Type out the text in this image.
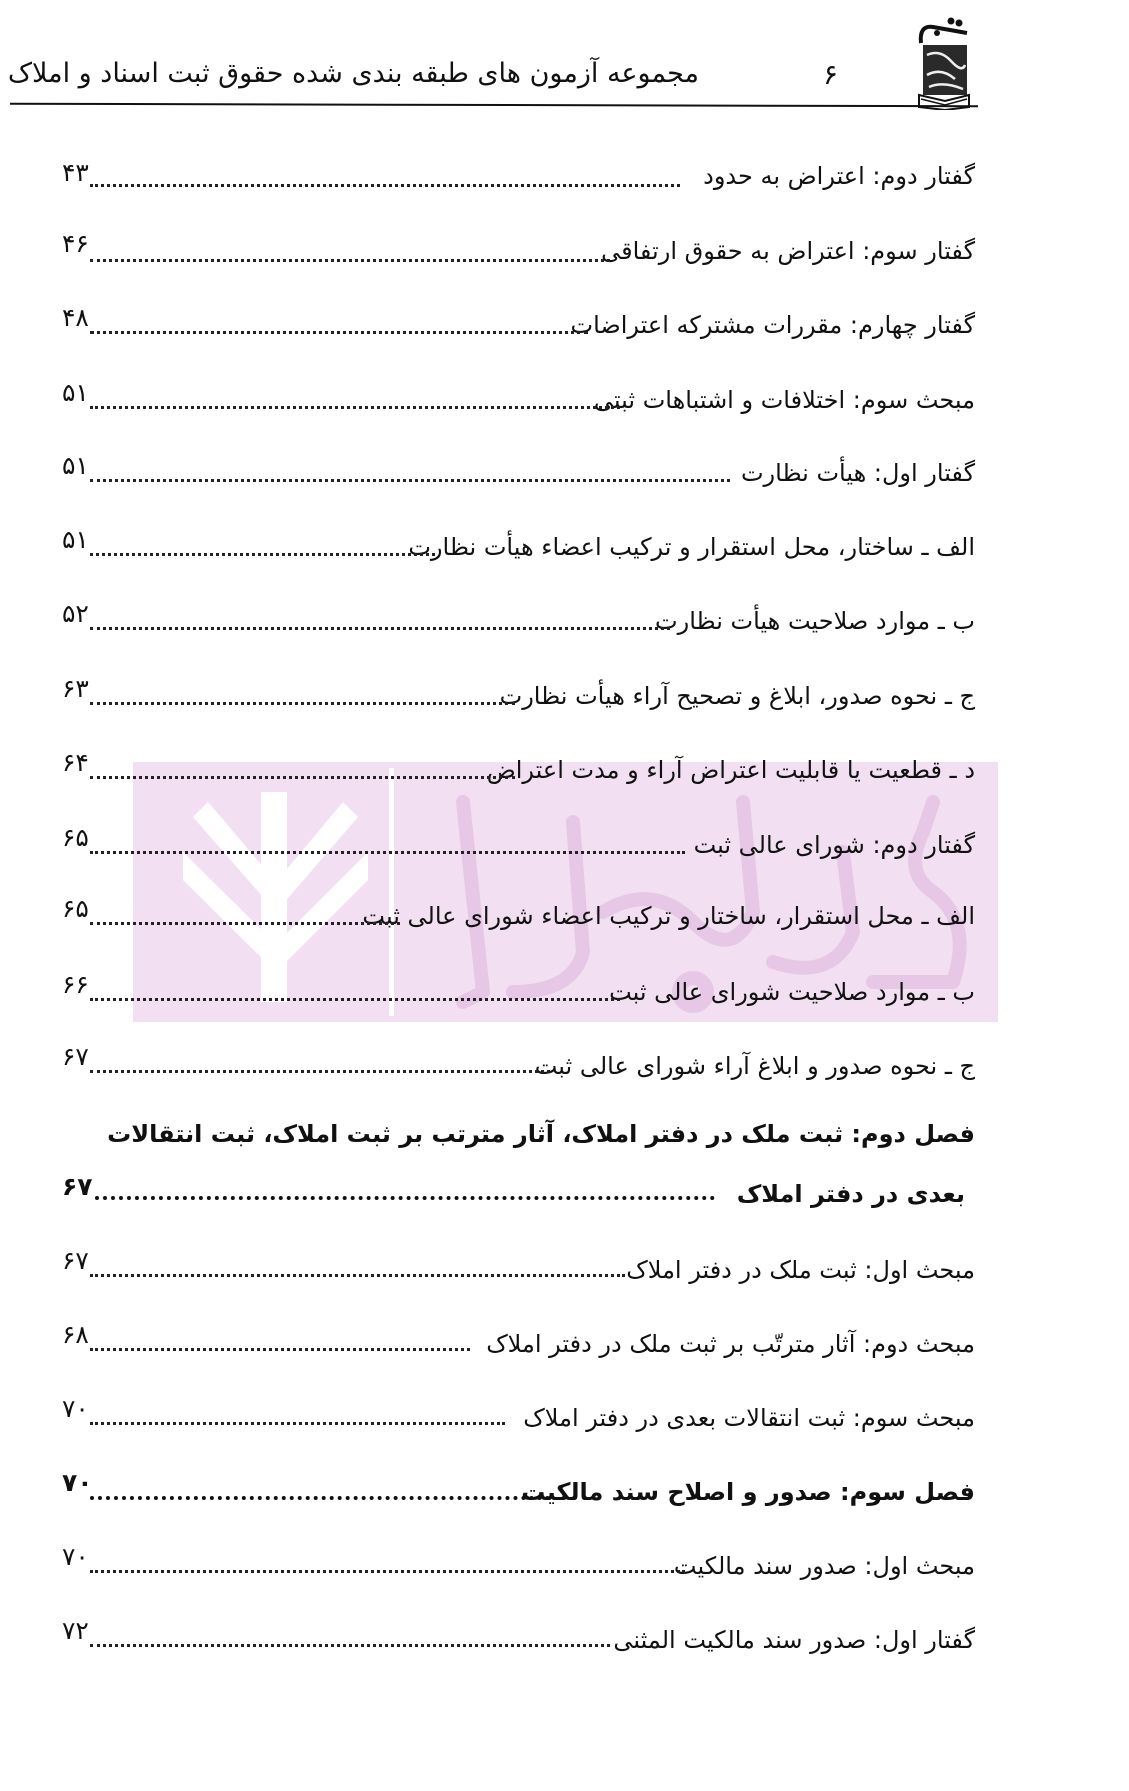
۶
مجموعه آزمون های طبقه بندی شده حقوق ثبت اسناد و املاک
گفتار دوم: اعتراض به حدود
۴۳
گفتار سوم: اعتراض به حقوق ارتفاقی
۴۶
گفتار چهارم: مقررات مشترکه اعتراضات
۴۸
مبحث سوم: اختلافات و اشتباهات ثبتی
۵۱
گفتار اول: هیأت نظارت
۵۱
الف ـ ساختار، محل استقرار و ترکیب اعضاء هیأت نظارت
۵۱
ب ـ موارد صلاحیت هیأت نظارت
۵۲
ج ـ نحوه صدور، ابلاغ و تصحیح آراء هیأت نظارت
۶۳
د ـ قطعیت یا قابلیت اعتراض آراء و مدت اعتراض
۶۴
گفتار دوم: شورای عالی ثبت
۶۵
الف ـ محل استقرار، ساختار و ترکیب اعضاء شورای عالی ثبت
۶۵
ب ـ موارد صلاحیت شورای عالی ثبت
۶۶
ج ـ نحوه صدور و ابلاغ آراء شورای عالی ثبت
۶۷
فصل دوم: ثبت ملک در دفتر املاک، آثار مترتب بر ثبت املاک، ثبت انتقالات
بعدی در دفتر املاک
۶۷
مبحث اول: ثبت ملک در دفتر املاک
۶۷
مبحث دوم: آثار مترتّب بر ثبت ملک در دفتر املاک
۶۸
مبحث سوم: ثبت انتقالات بعدی در دفتر املاک
۷۰
فصل سوم: صدور و اصلاح سند مالکیت
۷۰
مبحث اول: صدور سند مالکیت
۷۰
گفتار اول: صدور سند مالکیت المثنی
۷۲
